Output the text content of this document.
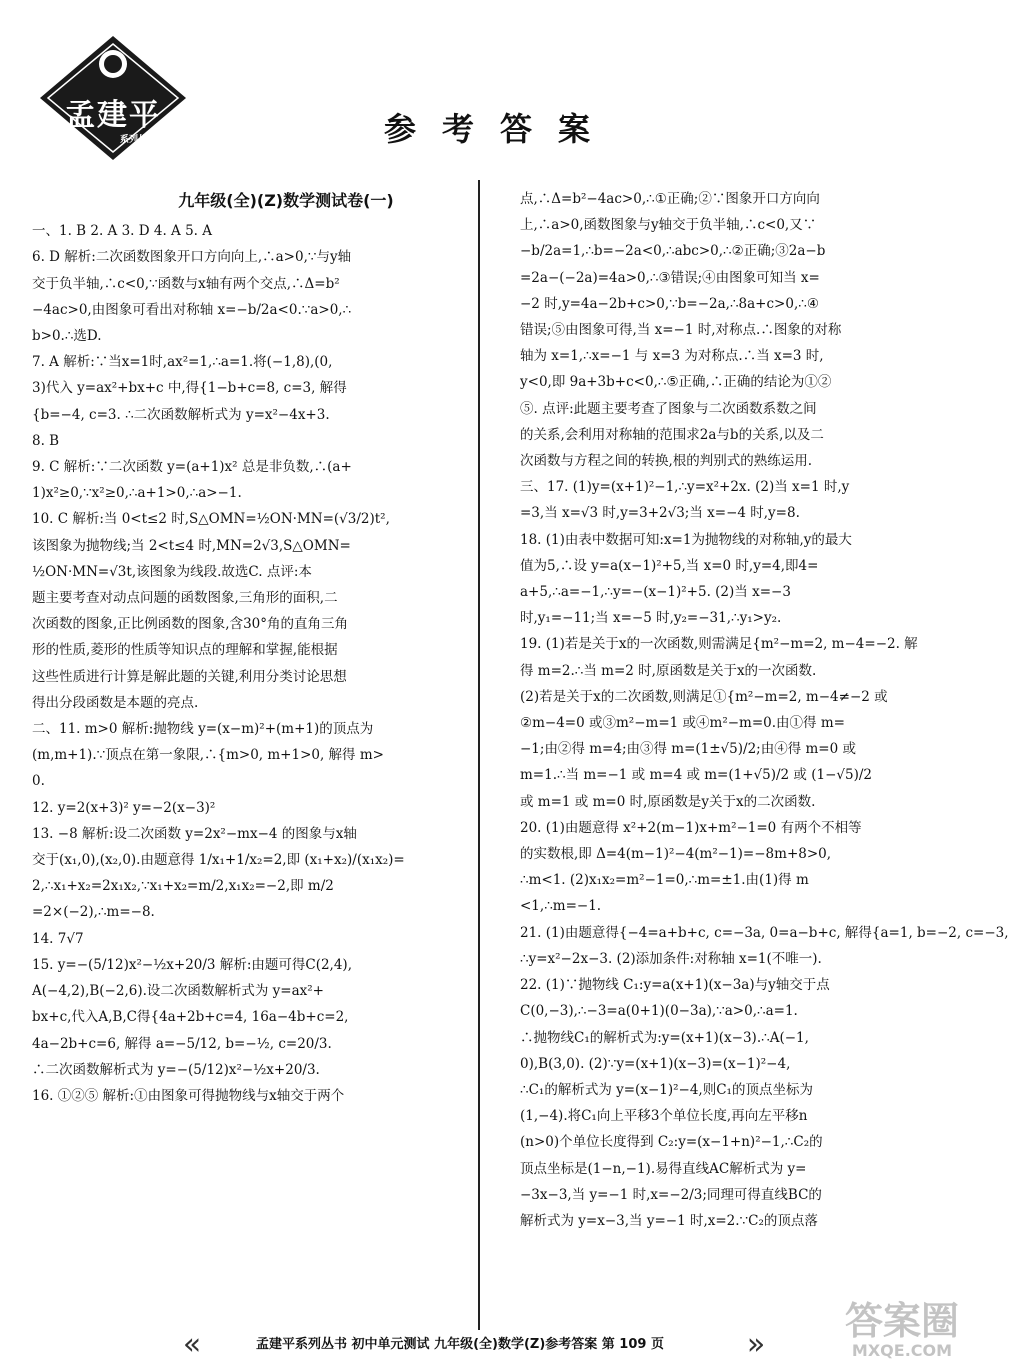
孟建平
系列丛书	参考答案
九年级(全)(Z)数学测试卷(一)
一、1. B 2. A 3. D 4. A 5. A
6. D 解析:二次函数图象开口方向向上,∴a>0,∵与y轴
交于负半轴,∴c<0,∵函数与x轴有两个交点,∴Δ=b²
−4ac>0,由图象可看出对称轴 x=−b/2a<0.∵a>0,∴
b>0.∴选D.
7. A 解析:∵当x=1时,ax²=1,∴a=1.将(−1,8),(0,
3)代入 y=ax²+bx+c 中,得{1−b+c=8, c=3, 解得
{b=−4, c=3. ∴二次函数解析式为 y=x²−4x+3.
8. B
9. C 解析:∵二次函数 y=(a+1)x² 总是非负数,∴(a+
1)x²≥0,∵x²≥0,∴a+1>0,∴a>−1.
10. C 解析:当 0<t≤2 时,S△OMN=½ON·MN=(√3/2)t²,
该图象为抛物线;当 2<t≤4 时,MN=2√3,S△OMN=
½ON·MN=√3t,该图象为线段.故选C. 点评:本
题主要考查对动点问题的函数图象,三角形的面积,二
次函数的图象,正比例函数的图象,含30°角的直角三角
形的性质,菱形的性质等知识点的理解和掌握,能根据
这些性质进行计算是解此题的关键,利用分类讨论思想
得出分段函数是本题的亮点.
二、11. m>0 解析:抛物线 y=(x−m)²+(m+1)的顶点为
(m,m+1).∵顶点在第一象限,∴{m>0, m+1>0, 解得 m>
0.
12. y=2(x+3)² y=−2(x−3)²
13. −8 解析:设二次函数 y=2x²−mx−4 的图象与x轴
交于(x₁,0),(x₂,0).由题意得 1/x₁+1/x₂=2,即 (x₁+x₂)/(x₁x₂)=
2,∴x₁+x₂=2x₁x₂,∵x₁+x₂=m/2,x₁x₂=−2,即 m/2
=2×(−2),∴m=−8.
14. 7√7
15. y=−(5/12)x²−½x+20/3 解析:由题可得C(2,4),
A(−4,2),B(−2,6).设二次函数解析式为 y=ax²+
bx+c,代入A,B,C得{4a+2b+c=4, 16a−4b+c=2,
4a−2b+c=6, 解得 a=−5/12, b=−½, c=20/3.
∴二次函数解析式为 y=−(5/12)x²−½x+20/3.
16. ①②⑤ 解析:①由图象可得抛物线与x轴交于两个
点,∴Δ=b²−4ac>0,∴①正确;②∵图象开口方向向
上,∴a>0,函数图象与y轴交于负半轴,∴c<0,又∵
−b/2a=1,∴b=−2a<0,∴abc>0,∴②正确;③2a−b
=2a−(−2a)=4a>0,∴③错误;④由图象可知当 x=
−2 时,y=4a−2b+c>0,∵b=−2a,∴8a+c>0,∴④
错误;⑤由图象可得,当 x=−1 时,对称点.∴图象的对称
轴为 x=1,∴x=−1 与 x=3 为对称点.∴当 x=3 时,
y<0,即 9a+3b+c<0,∴⑤正确,∴正确的结论为①②
⑤. 点评:此题主要考查了图象与二次函数系数之间
的关系,会利用对称轴的范围求2a与b的关系,以及二
次函数与方程之间的转换,根的判别式的熟练运用.
三、17. (1)y=(x+1)²−1,∴y=x²+2x. (2)当 x=1 时,y
=3,当 x=√3 时,y=3+2√3;当 x=−4 时,y=8.
18. (1)由表中数据可知:x=1为抛物线的对称轴,y的最大
值为5,∴设 y=a(x−1)²+5,当 x=0 时,y=4,即4=
a+5,∴a=−1,∴y=−(x−1)²+5. (2)当 x=−3
时,y₁=−11;当 x=−5 时,y₂=−31,∴y₁>y₂.
19. (1)若是关于x的一次函数,则需满足{m²−m=2, m−4=−2. 解
得 m=2.∴当 m=2 时,原函数是关于x的一次函数.
(2)若是关于x的二次函数,则满足①{m²−m=2, m−4≠−2 或
②m−4=0 或③m²−m=1 或④m²−m=0.由①得 m=
−1;由②得 m=4;由③得 m=(1±√5)/2;由④得 m=0 或
m=1.∴当 m=−1 或 m=4 或 m=(1+√5)/2 或 (1−√5)/2
或 m=1 或 m=0 时,原函数是y关于x的二次函数.
20. (1)由题意得 x²+2(m−1)x+m²−1=0 有两个不相等
的实数根,即 Δ=4(m−1)²−4(m²−1)=−8m+8>0,
∴m<1. (2)x₁x₂=m²−1=0,∴m=±1.由(1)得 m
<1,∴m=−1.
21. (1)由题意得{−4=a+b+c, c=−3a, 0=a−b+c, 解得{a=1, b=−2, c=−3,
∴y=x²−2x−3. (2)添加条件:对称轴 x=1(不唯一).
22. (1)∵抛物线 C₁:y=a(x+1)(x−3a)与y轴交于点
C(0,−3),∴−3=a(0+1)(0−3a),∵a>0,∴a=1.
∴抛物线C₁的解析式为:y=(x+1)(x−3).∴A(−1,
0),B(3,0). (2)∵y=(x+1)(x−3)=(x−1)²−4,
∴C₁的解析式为 y=(x−1)²−4,则C₁的顶点坐标为
(1,−4).将C₁向上平移3个单位长度,再向左平移n
(n>0)个单位长度得到 C₂:y=(x−1+n)²−1,∴C₂的
顶点坐标是(1−n,−1).易得直线AC解析式为 y=
−3x−3,当 y=−1 时,x=−2/3;同理可得直线BC的
解析式为 y=x−3,当 y=−1 时,x=2.∵C₂的顶点落
«	孟建平系列丛书 初中单元测试 九年级(全)数学(Z)参考答案 第 109 页	»
答案圈
MXQE.COM
